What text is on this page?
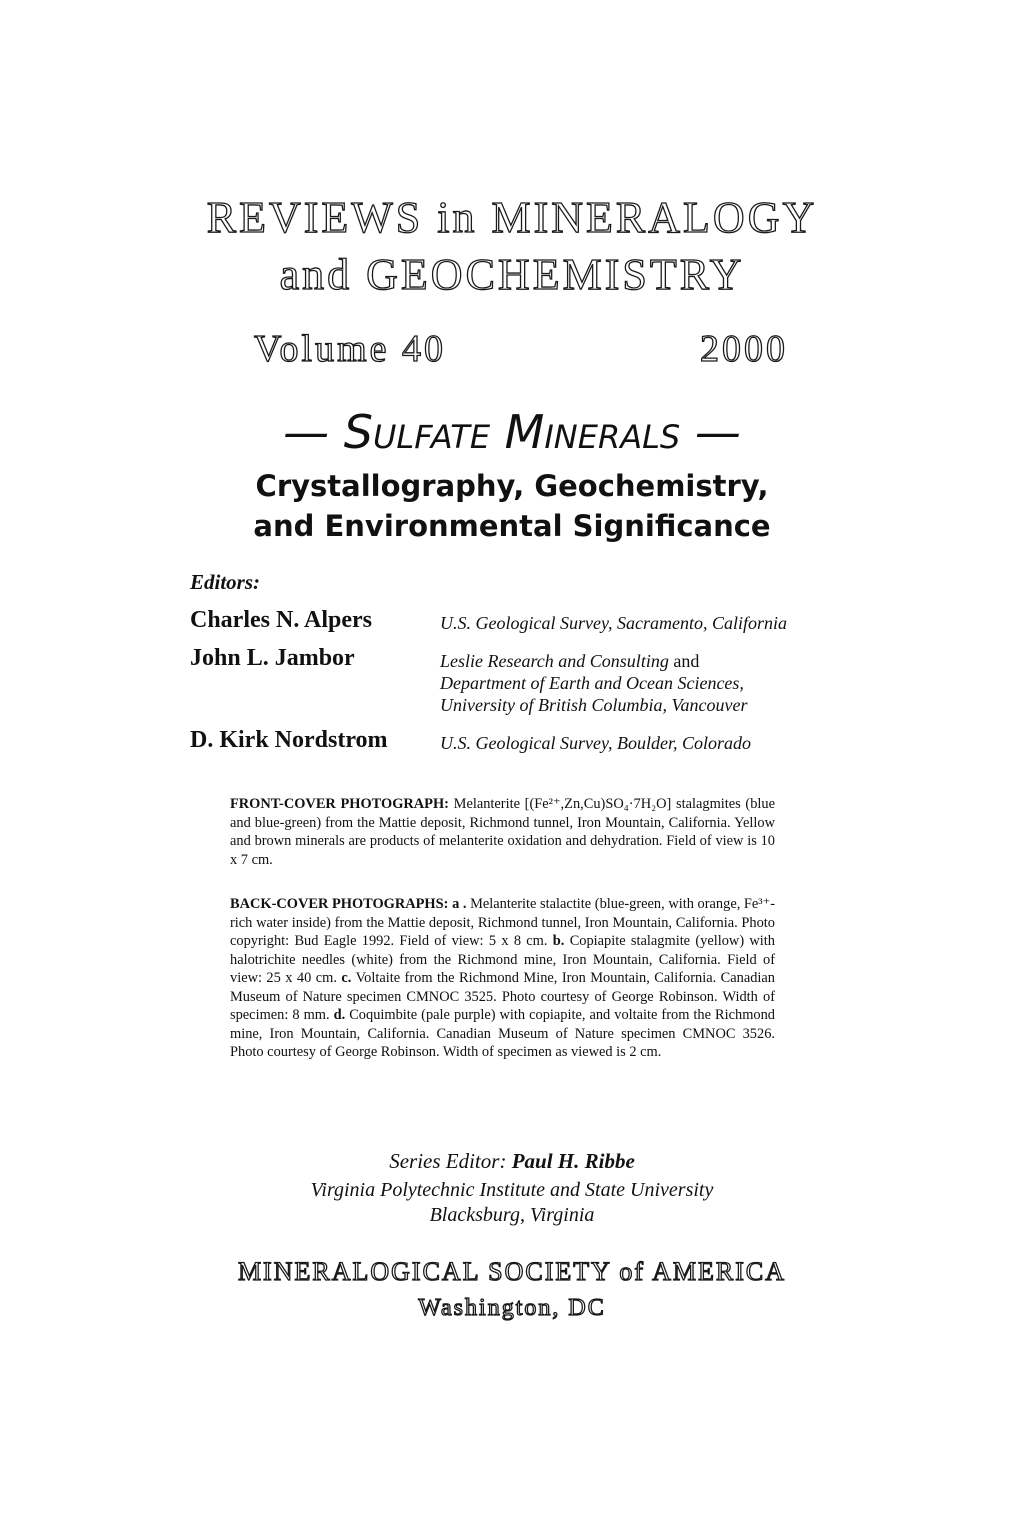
REVIEWS in MINERALOGY
and GEOCHEMISTRY
Volume 40	2000
— Sulfate Minerals —
Crystallography, Geochemistry,
and Environmental Significance
Editors:
Charles N. Alpers	U.S. Geological Survey, Sacramento, California
John L. Jambor	Leslie Research and Consulting and
Department of Earth and Ocean Sciences,
University of British Columbia, Vancouver
D. Kirk Nordstrom	U.S. Geological Survey, Boulder, Colorado
FRONT-COVER PHOTOGRAPH: Melanterite [(Fe²⁺,Zn,Cu)SO₄·7H₂O] stalagmites (blue and blue-green) from the Mattie deposit, Richmond tunnel, Iron Mountain, California. Yellow and brown minerals are products of melanterite oxidation and dehydration. Field of view is 10 x 7 cm.
BACK-COVER PHOTOGRAPHS: a . Melanterite stalactite (blue-green, with orange, Fe³⁺-rich water inside) from the Mattie deposit, Richmond tunnel, Iron Mountain, California. Photo copyright: Bud Eagle 1992. Field of view: 5 x 8 cm. b. Copiapite stalagmite (yellow) with halotrichite needles (white) from the Richmond mine, Iron Mountain, California. Field of view: 25 x 40 cm. c. Voltaite from the Richmond Mine, Iron Mountain, California. Canadian Museum of Nature specimen CMNOC 3525. Photo courtesy of George Robinson. Width of specimen: 8 mm. d. Coquimbite (pale purple) with copiapite, and voltaite from the Richmond mine, Iron Mountain, California. Canadian Museum of Nature specimen CMNOC 3526. Photo courtesy of George Robinson. Width of specimen as viewed is 2 cm.
Series Editor: Paul H. Ribbe
Virginia Polytechnic Institute and State University
Blacksburg, Virginia
MINERALOGICAL SOCIETY of AMERICA
Washington, DC
